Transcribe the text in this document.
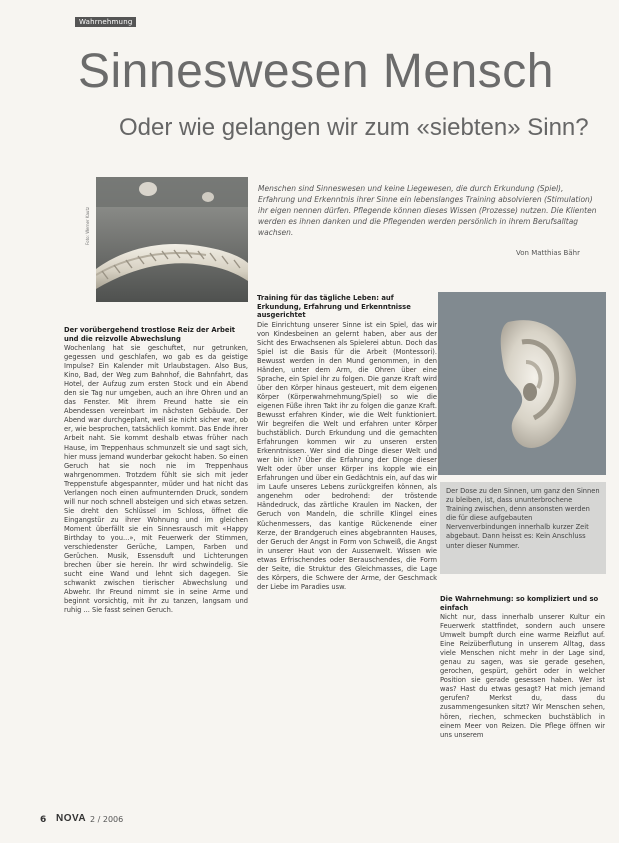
Wahrnehmung
Sinneswesen Mensch
Oder wie gelangen wir zum «siebten» Sinn?
Foto: Werner Kautz
Menschen sind Sinneswesen und keine Liegewesen, die durch Erkundung (Spiel), Erfahrung und Erkenntnis ihrer Sinne ein lebenslanges Training absolvieren (Stimulation) ihr eigen nennen dürfen. Pflegende können dieses Wissen (Prozesse) nutzen. Die Klienten werden es ihnen danken und die Pflegenden werden persönlich in ihrem Berufsalltag wachsen.
Von Matthias Bähr
Der vorübergehend trostlose Reiz der Arbeit und die reizvolle Abwechslung

Wochenlang hat sie geschuftet, nur getrunken, gegessen und geschlafen, wo gab es da geistige Impulse? Ein Kalender mit Urlaubstagen. Also Bus, Kino, Bad, der Weg zum Bahnhof, die Bahnfahrt, das Hotel, der Aufzug zum ersten Stock und ein Abend den sie Tag nur umgeben, auch an ihre Ohren und an das Fenster. Mit ihrem Freund hatte sie ein Abendessen vereinbart im nächsten Gebäude. Der Abend war durchgeplant, weil sie nicht sicher war, ob er, wie besprochen, tatsächlich kommt. Das Ende ihrer Arbeit naht. Sie kommt deshalb etwas früher nach Hause, im Treppenhaus schmunzelt sie und sagt sich, hier muss jemand wunderbar gekocht haben. So einen Geruch hat sie noch nie im Treppenhaus wahrgenommen. Trotzdem fühlt sie sich mit jeder Treppenstufe abgespannter, müder und hat nicht das Verlangen noch einen aufmunternden Druck, sondern will nur noch schnell absteigen und sich etwas setzen. Sie dreht den Schlüssel im Schloss, öffnet die Eingangstür zu ihrer Wohnung und im gleichen Moment überfällt sie ein Sinnesrausch mit «Happy Birthday to you...», mit Feuerwerk der Stimmen, verschiedenster Gerüche, Lampen, Farben und Gerüchen. Musik, Essensduft und Lichterungen brechen über sie herein. Ihr wird schwindelig. Sie sucht eine Wand und lehnt sich dagegen. Sie schwankt zwischen tierischer Abwechslung und Abwehr. Ihr Freund nimmt sie in seine Arme und beginnt vorsichtig, mit ihr zu tanzen, langsam und ruhig ... Sie fasst seinen Geruch.

Training für das tägliche Leben: auf Erkundung, Erfahrung und Erkenntnisse ausgerichtet

Die Einrichtung unserer Sinne ist ein Spiel, das wir von Kindesbeinen an gelernt haben, aber aus der Sicht des Erwachsenen als Spielerei abtun. Doch das Spiel ist die Basis für die Arbeit (Montessori). Bewusst werden in den Mund genommen, in den Händen, unter dem Arm, die Ohren über eine Sprache, ein Spiel ihr zu folgen. Die ganze Kraft wird über den Körper hinaus gesteuert, mit dem eigenen Körper (Körperwahrnehmung/Spiel) so wie die eigenen Füße ihren Takt ihr zu folgen die ganze Kraft. Bewusst erfahren Kinder, wie die Welt funktioniert. Wir begreifen die Welt und erfahren unter Körper buchstäblich. Durch Erkundung und die gemachten Erfahrungen kommen wir zu unseren ersten Erkenntnissen. Wer sind die Dinge dieser Welt und wer bin ich? Über die Erfahrung der Dinge dieser Welt oder über unser Körper ins kopple wie ein Erfahrungen und über ein Gedächtnis ein, auf das wir im Laufe unseres Lebens zurückgreifen können, als angenehm oder bedrohend: der tröstende Händedruck, das zärtliche Kraulen im Nacken, der Geruch von Mandeln, die schrille Klingel eines Küchenmessers, das kantige Rückenende einer Kerze, der Brandgeruch eines abgebrannten Hauses, der Geruch der Angst in Form von Schweiß, die Angst in unserer Haut von der Aussenwelt. Wissen wie etwas Erfrischendes oder Berauschendes, die Form der Seite, die Struktur des Gleichmasses, die Lage des Körpers, die Schwere der Arme, der Geschmack der Liebe im Paradies usw.

Der Dose zu den Sinnen, um ganz den Sinnen zu bleiben, ist, dass ununterbrochene Training zwischen, denn ansonsten werden die für diese aufgebauten Nervenverbindungen innerhalb kurzer Zeit abgebaut. Dann heisst es: Kein Anschluss unter dieser Nummer.
Die Wahrnehmung: so kompliziert und so einfach

Nicht nur, dass innerhalb unserer Kultur ein Feuerwerk stattfindet, sondern auch unsere Umwelt bumpft durch eine warme Reizflut auf. Eine Reizüberflutung in unserem Alltag, dass viele Menschen nicht mehr in der Lage sind, genau zu sagen, was sie gerade gesehen, gerochen, gespürt, gehört oder in welcher Position sie gerade gesessen haben. Wer ist was? Hast du etwas gesagt? Hat mich jemand gerufen? Merkst du, dass du zusammengesunken sitzt? Wir Menschen sehen, hören, riechen, schmecken buchstäblich in einem Meer von Reizen. Die Pflege öffnen wir uns unserem

6 NOVA 2 / 2006
